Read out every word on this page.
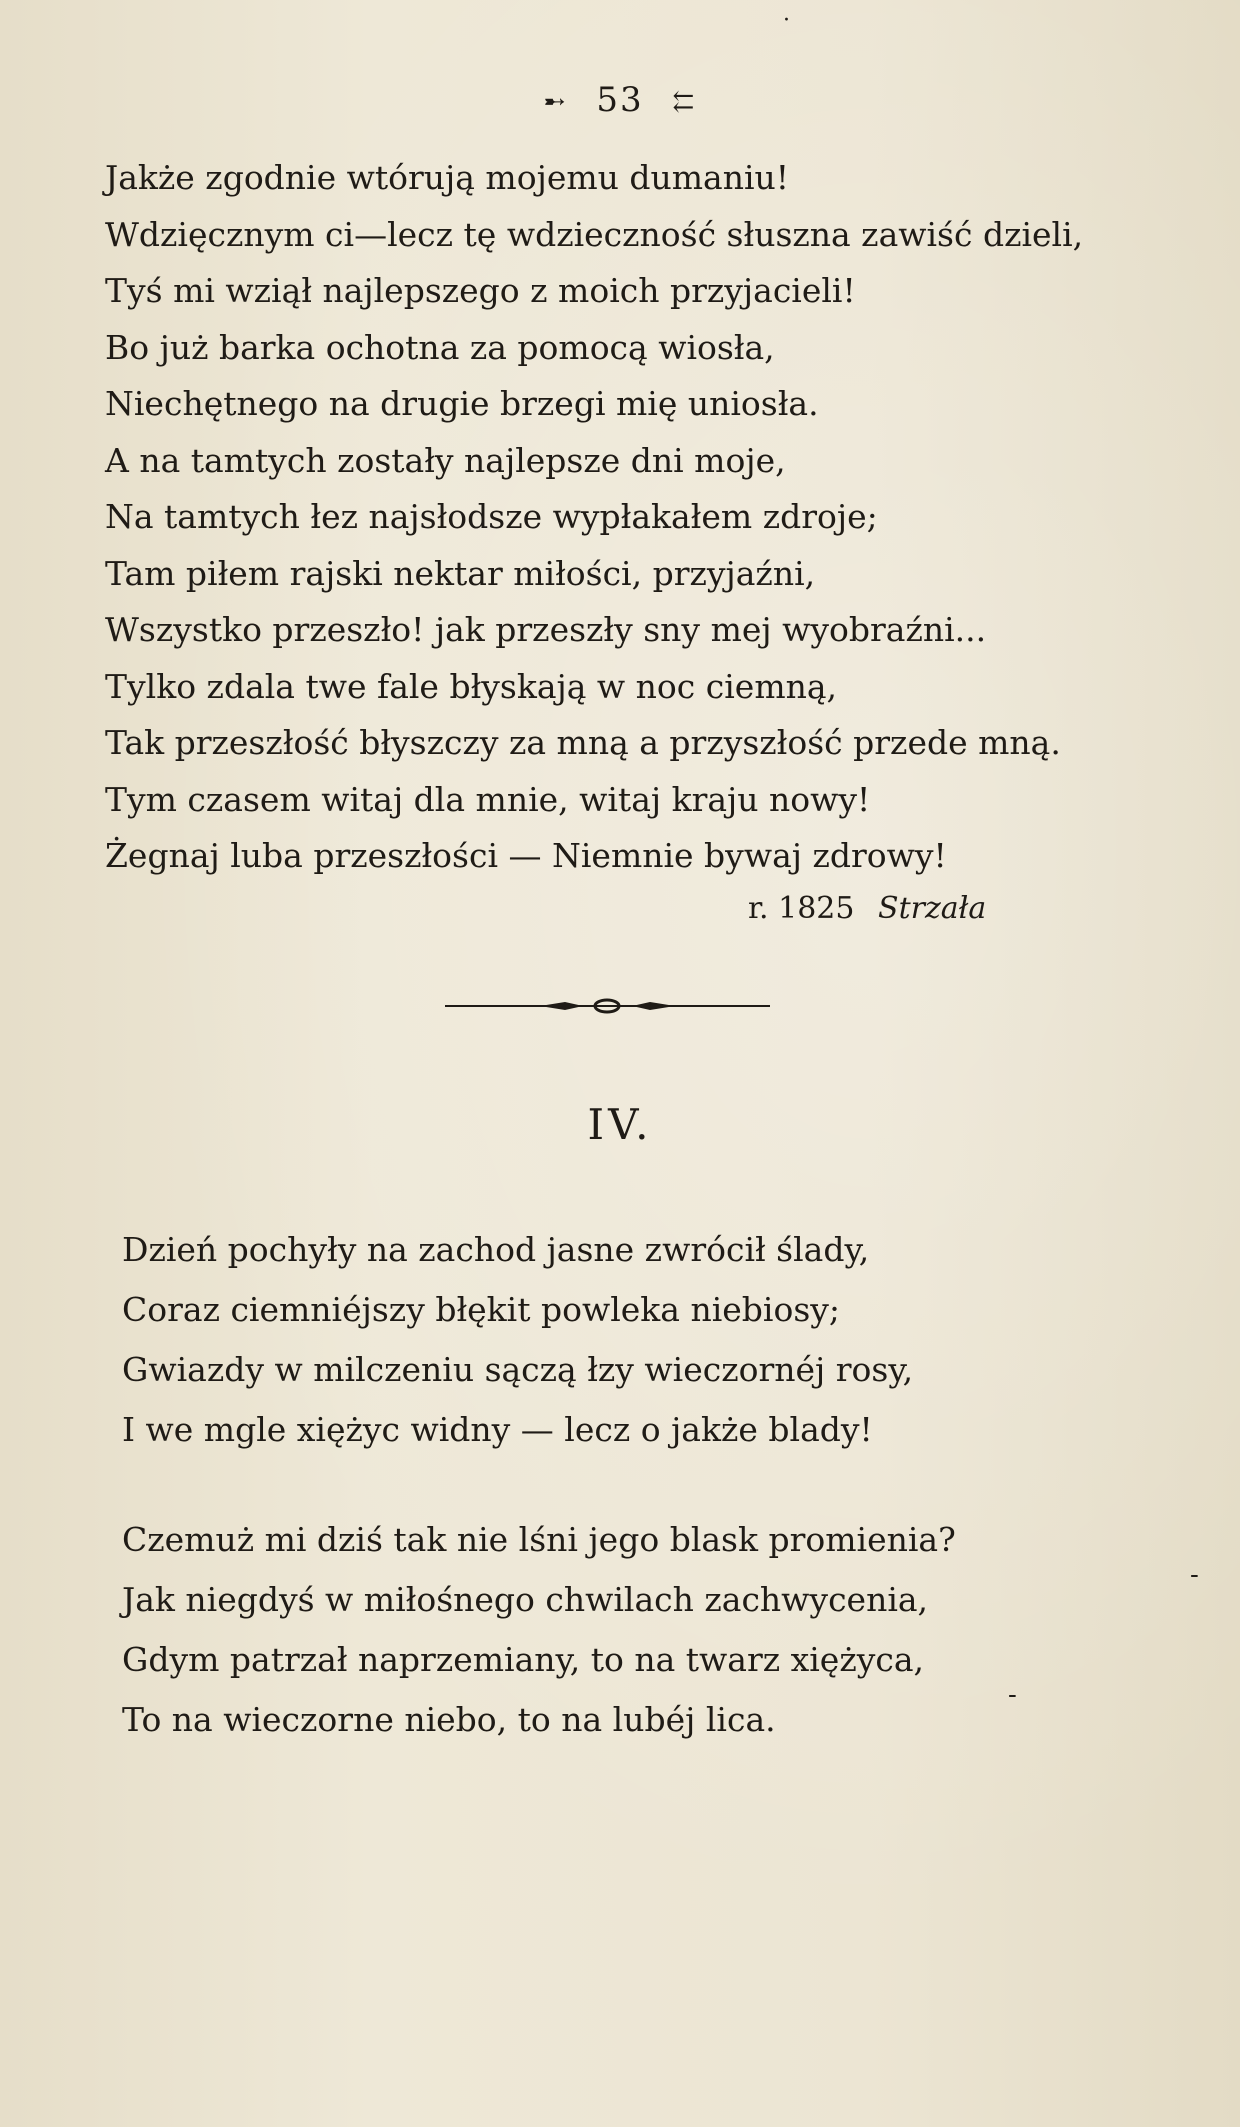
·
➸ 53 ⇇
Jakże zgodnie wtórują mojemu dumaniu!
Wdzięcznym ci—lecz tę wdzieczność słuszna zawiść dzieli,
Tyś mi wziął najlepszego z moich przyjacieli!
Bo już barka ochotna za pomocą wiosła,
Niechętnego na drugie brzegi mię uniosła.
A na tamtych zostały najlepsze dni moje,
Na tamtych łez najsłodsze wypłakałem zdroje;
Tam piłem rajski nektar miłości, przyjaźni,
Wszystko przeszło! jak przeszły sny mej wyobraźni...
Tylko zdala twe fale błyskają w noc ciemną,
Tak przeszłość błyszczy za mną a przyszłość przede mną.
Tym czasem witaj dla mnie, witaj kraju nowy!
Żegnaj luba przeszłości — Niemnie bywaj zdrowy!
r. 1825 Strzała
IV.
Dzień pochyły na zachod jasne zwrócił ślady,
Coraz ciemniéjszy błękit powleka niebiosy;
Gwiazdy w milczeniu sączą łzy wieczornéj rosy,
I we mgle xiężyc widny — lecz o jakże blady!
Czemuż mi dziś tak nie lśni jego blask promienia?
Jak niegdyś w miłośnego chwilach zachwycenia,
Gdym patrzał naprzemiany, to na twarz xiężyca,
To na wieczorne niebo, to na lubéj lica.
-
-
